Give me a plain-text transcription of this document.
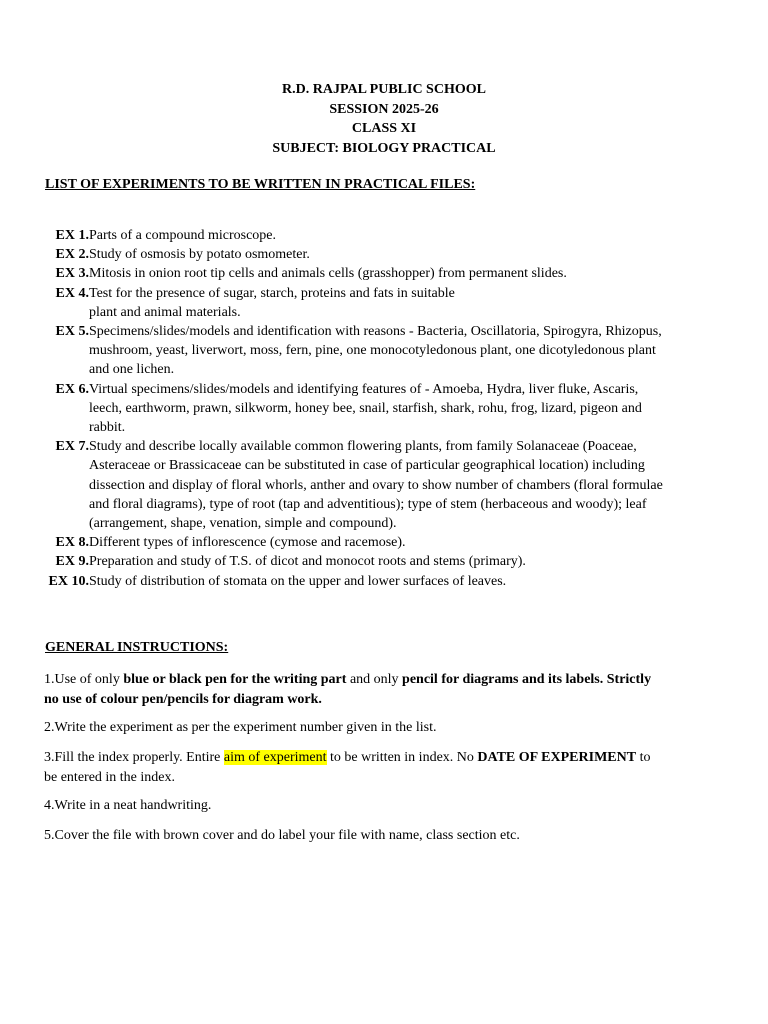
R.D. RAJPAL PUBLIC SCHOOL
SESSION 2025-26
CLASS XI
SUBJECT: BIOLOGY PRACTICAL
LIST OF EXPERIMENTS TO BE WRITTEN IN PRACTICAL FILES:
EX 1. Parts of a compound microscope.
EX 2. Study of osmosis by potato osmometer.
EX 3. Mitosis in onion root tip cells and animals cells (grasshopper) from permanent slides.
EX 4. Test for the presence of sugar, starch, proteins and fats in suitable
plant and animal materials.
EX 5. Specimens/slides/models and identification with reasons - Bacteria, Oscillatoria, Spirogyra, Rhizopus,
mushroom, yeast, liverwort, moss, fern, pine, one monocotyledonous plant, one dicotyledonous plant
and one lichen.
EX 6. Virtual specimens/slides/models and identifying features of - Amoeba, Hydra, liver fluke, Ascaris,
leech, earthworm, prawn, silkworm, honey bee, snail, starfish, shark, rohu, frog, lizard, pigeon and
rabbit.
EX 7. Study and describe locally available common flowering plants, from family Solanaceae (Poaceae,
Asteraceae or Brassicaceae can be substituted in case of particular geographical location) including
dissection and display of floral whorls, anther and ovary to show number of chambers (floral formulae
and floral diagrams), type of root (tap and adventitious); type of stem (herbaceous and woody); leaf
(arrangement, shape, venation, simple and compound).
EX 8. Different types of inflorescence (cymose and racemose).
EX 9. Preparation and study of T.S. of dicot and monocot roots and stems (primary).
EX 10. Study of distribution of stomata on the upper and lower surfaces of leaves.
GENERAL INSTRUCTIONS:
1.Use of only blue or black pen for the writing part and only pencil for diagrams and its labels. Strictly
no use of colour pen/pencils for diagram work.
2.Write the experiment as per the experiment number given in the list.
3.Fill the index properly. Entire aim of experiment to be written in index. No DATE OF EXPERIMENT to
be entered in the index.
4.Write in a neat handwriting.
5.Cover the file with brown cover and do label your file with name, class section etc.
